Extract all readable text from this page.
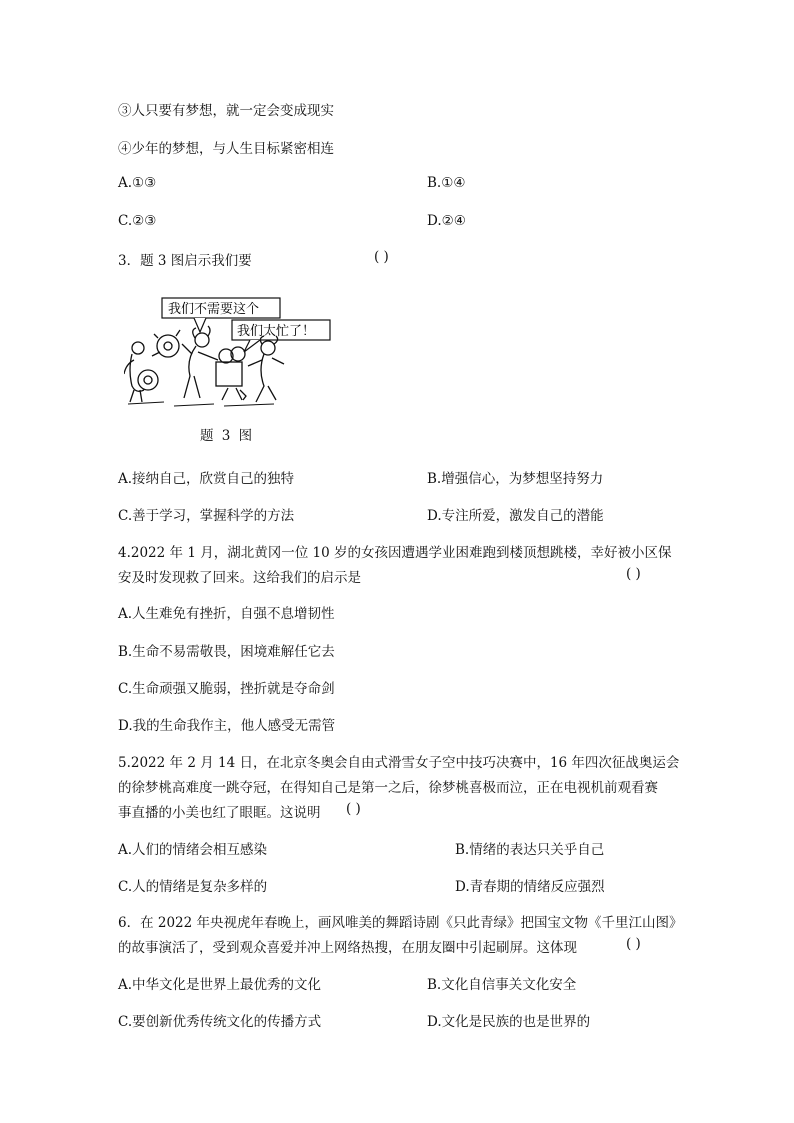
③人只要有梦想，就一定会变成现实
④少年的梦想，与人生目标紧密相连
A.①③	B.①④
C.②③	D.②④
3．题 3 图启示我们要	( )
我们不需要这个
我们太忙了！
题 3 图
A.接纳自己，欣赏自己的独特	B.增强信心，为梦想坚持努力
C.善于学习，掌握科学的方法	D.专注所爱，激发自己的潜能
4.2022 年 1 月，湖北黄冈一位 10 岁的女孩因遭遇学业困难跑到楼顶想跳楼，幸好被小区保
安及时发现救了回来。这给我们的启示是	( )
A.人生难免有挫折，自强不息增韧性
B.生命不易需敬畏，困境难解任它去
C.生命顽强又脆弱，挫折就是夺命剑
D.我的生命我作主，他人感受无需管
5.2022 年 2 月 14 日，在北京冬奥会自由式滑雪女子空中技巧决赛中，16 年四次征战奥运会
的徐梦桃高难度一跳夺冠，在得知自己是第一之后，徐梦桃喜极而泣，正在电视机前观看赛
事直播的小美也红了眼眶。这说明 ( )
A.人们的情绪会相互感染	B.情绪的表达只关乎自己
C.人的情绪是复杂多样的	D.青春期的情绪反应强烈
6．在 2022 年央视虎年春晚上，画风唯美的舞蹈诗剧《只此青绿》把国宝文物《千里江山图》
的故事演活了，受到观众喜爱并冲上网络热搜，在朋友圈中引起刷屏。这体现	( )
A.中华文化是世界上最优秀的文化	B.文化自信事关文化安全
C.要创新优秀传统文化的传播方式	D.文化是民族的也是世界的
